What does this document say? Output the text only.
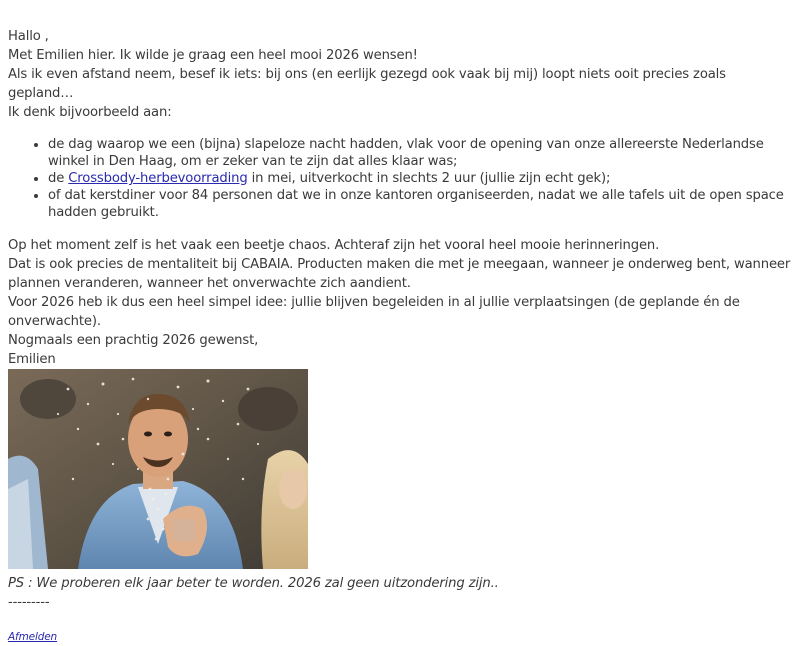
Hallo ,

Met Emilien hier. Ik wilde je graag een heel mooi 2026 wensen!

Als ik even afstand neem, besef ik iets: bij ons (en eerlijk gezegd ook vaak bij mij) loopt niets ooit precies zoals gepland…

Ik denk bijvoorbeeld aan:

• de dag waarop we een (bijna) slapeloze nacht hadden, vlak voor de opening van onze allereerste Nederlandse winkel in Den Haag, om er zeker van te zijn dat alles klaar was;
• de Crossbody-herbevoorrading in mei, uitverkocht in slechts 2 uur (jullie zijn echt gek);
• of dat kerstdiner voor 84 personen dat we in onze kantoren organiseerden, nadat we alle tafels uit de open space hadden gebruikt.

Op het moment zelf is het vaak een beetje chaos. Achteraf zijn het vooral heel mooie herinneringen.

Dat is ook precies de mentaliteit bij CABAIA. Producten maken die met je meegaan, wanneer je onderweg bent, wanneer plannen veranderen, wanneer het onverwachte zich aandient.

Voor 2026 heb ik dus een heel simpel idee: jullie blijven begeleiden in al jullie verplaatsingen (de geplande én de onverwachte).

Nogmaals een prachtig 2026 gewenst,

Emilien

PS : We proberen elk jaar beter te worden. 2026 zal geen uitzondering zijn..

---------

Afmelden
